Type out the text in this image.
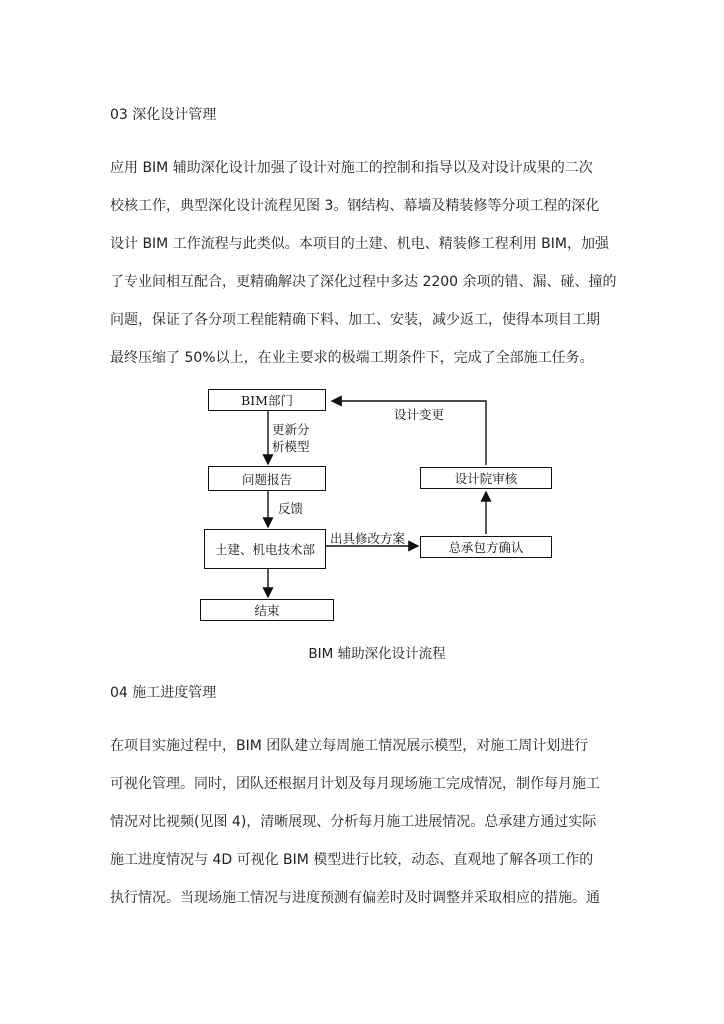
03 深化设计管理

应用 BIM 辅助深化设计加强了设计对施工的控制和指导以及对设计成果的二次
校核工作，典型深化设计流程见图 3。钢结构、幕墙及精装修等分项工程的深化
设计 BIM 工作流程与此类似。本项目的土建、机电、精装修工程利用 BIM，加强
了专业间相互配合，更精确解决了深化过程中多达 2200 余项的错、漏、碰、撞的
问题，保证了各分项工程能精确下料、加工、安装，减少返工，使得本项目工期
最终压缩了 50%以上，在业主要求的极端工期条件下，完成了全部施工任务。

BIM部门
问题报告
土建、机电技术部
结束
设计院审核
总承包方确认
更新分
析模型
反馈
出具修改方案
设计变更
BIM 辅助深化设计流程
04 施工进度管理

在项目实施过程中，BIM 团队建立每周施工情况展示模型，对施工周计划进行
可视化管理。同时，团队还根据月计划及每月现场施工完成情况，制作每月施工
情况对比视频(见图 4)，清晰展现、分析每月施工进展情况。总承建方通过实际
施工进度情况与 4D 可视化 BIM 模型进行比较，动态、直观地了解各项工作的
执行情况。当现场施工情况与进度预测有偏差时及时调整并采取相应的措施。通
